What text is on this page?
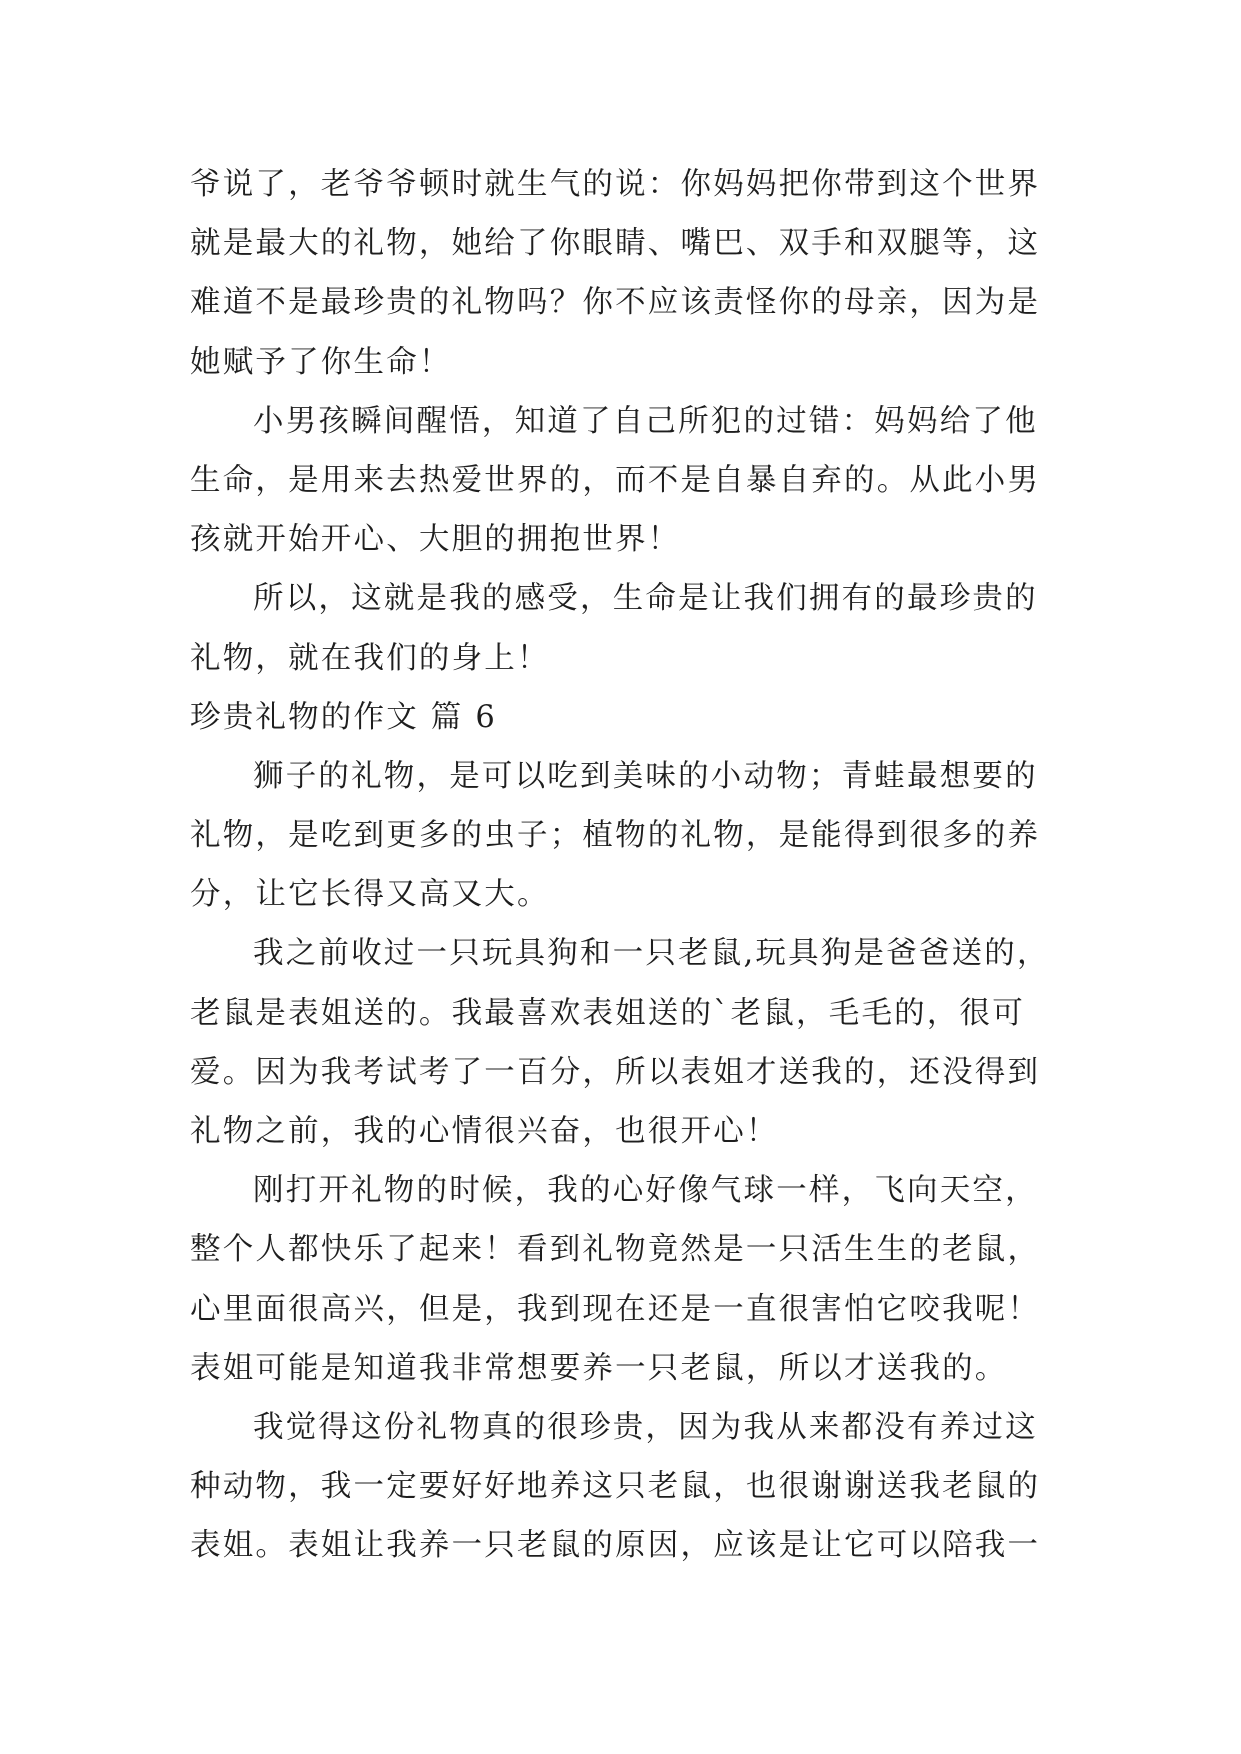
爷说了，老爷爷顿时就生气的说：你妈妈把你带到这个世界
就是最大的礼物，她给了你眼睛、嘴巴、双手和双腿等，这
难道不是最珍贵的礼物吗？你不应该责怪你的母亲，因为是
她赋予了你生命！
小男孩瞬间醒悟，知道了自己所犯的过错：妈妈给了他
生命，是用来去热爱世界的，而不是自暴自弃的。从此小男
孩就开始开心、大胆的拥抱世界！
所以，这就是我的感受，生命是让我们拥有的最珍贵的
礼物，就在我们的身上！
珍贵礼物的作文 篇 6
狮子的礼物，是可以吃到美味的小动物；青蛙最想要的
礼物，是吃到更多的虫子；植物的礼物，是能得到很多的养
分，让它长得又高又大。
我之前收过一只玩具狗和一只老鼠,玩具狗是爸爸送的，
老鼠是表姐送的。我最喜欢表姐送的`老鼠，毛毛的，很可
爱。因为我考试考了一百分，所以表姐才送我的，还没得到
礼物之前，我的心情很兴奋，也很开心！
刚打开礼物的时候，我的心好像气球一样，飞向天空，
整个人都快乐了起来！看到礼物竟然是一只活生生的老鼠，
心里面很高兴，但是，我到现在还是一直很害怕它咬我呢！
表姐可能是知道我非常想要养一只老鼠，所以才送我的。
我觉得这份礼物真的很珍贵，因为我从来都没有养过这
种动物，我一定要好好地养这只老鼠，也很谢谢送我老鼠的
表姐。表姐让我养一只老鼠的原因，应该是让它可以陪我一
